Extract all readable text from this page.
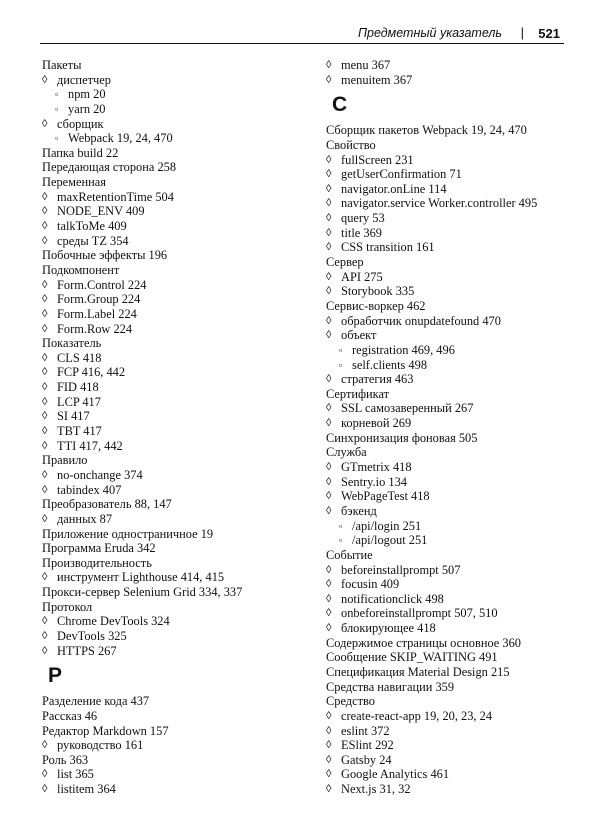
Предметный указатель | 521
Пакеты
◊ диспетчер
▫ npm 20
▫ yarn 20
◊ сборщик
▫ Webpack 19, 24, 470
Папка build 22
Передающая сторона 258
Переменная
◊ maxRetentionTime 504
◊ NODE_ENV 409
◊ talkToMe 409
◊ среды TZ 354
Побочные эффекты 196
Подкомпонент
◊ Form.Control 224
◊ Form.Group 224
◊ Form.Label 224
◊ Form.Row 224
Показатель
◊ CLS 418
◊ FCP 416, 442
◊ FID 418
◊ LCP 417
◊ SI 417
◊ TBT 417
◊ TTI 417, 442
Правило
◊ no-onchange 374
◊ tabindex 407
Преобразователь 88, 147
◊ данных 87
Приложение одностраничное 19
Программа Eruda 342
Производительность
◊ инструмент Lighthouse 414, 415
Прокси-сервер Selenium Grid 334, 337
Протокол
◊ Chrome DevTools 324
◊ DevTools 325
◊ HTTPS 267
P
Разделение кода 437
Рассказ 46
Редактор Markdown 157
◊ руководство 161
Роль 363
◊ list 365
◊ listitem 364
◊ menu 367
◊ menuitem 367
C
Сборщик пакетов Webpack 19, 24, 470
Свойство
◊ fullScreen 231
◊ getUserConfirmation 71
◊ navigator.onLine 114
◊ navigator.service Worker.controller 495
◊ query 53
◊ title 369
◊ CSS transition 161
Сервер
◊ API 275
◊ Storybook 335
Сервис-воркер 462
◊ обработчик onupdatefound 470
◊ объект
▫ registration 469, 496
▫ self.clients 498
◊ стратегия 463
Сертификат
◊ SSL самозаверенный 267
◊ корневой 269
Синхронизация фоновая 505
Служба
◊ GTmetrix 418
◊ Sentry.io 134
◊ WebPageTest 418
◊ бэкенд
▫ /api/login 251
▫ /api/logout 251
Событие
◊ beforeinstallprompt 507
◊ focusin 409
◊ notificationclick 498
◊ onbeforeinstallprompt 507, 510
◊ блокирующее 418
Содержимое страницы основное 360
Сообщение SKIP_WAITING 491
Спецификация Material Design 215
Средства навигации 359
Средство
◊ create-react-app 19, 20, 23, 24
◊ eslint 372
◊ ESlint 292
◊ Gatsby 24
◊ Google Analytics 461
◊ Next.js 31, 32
